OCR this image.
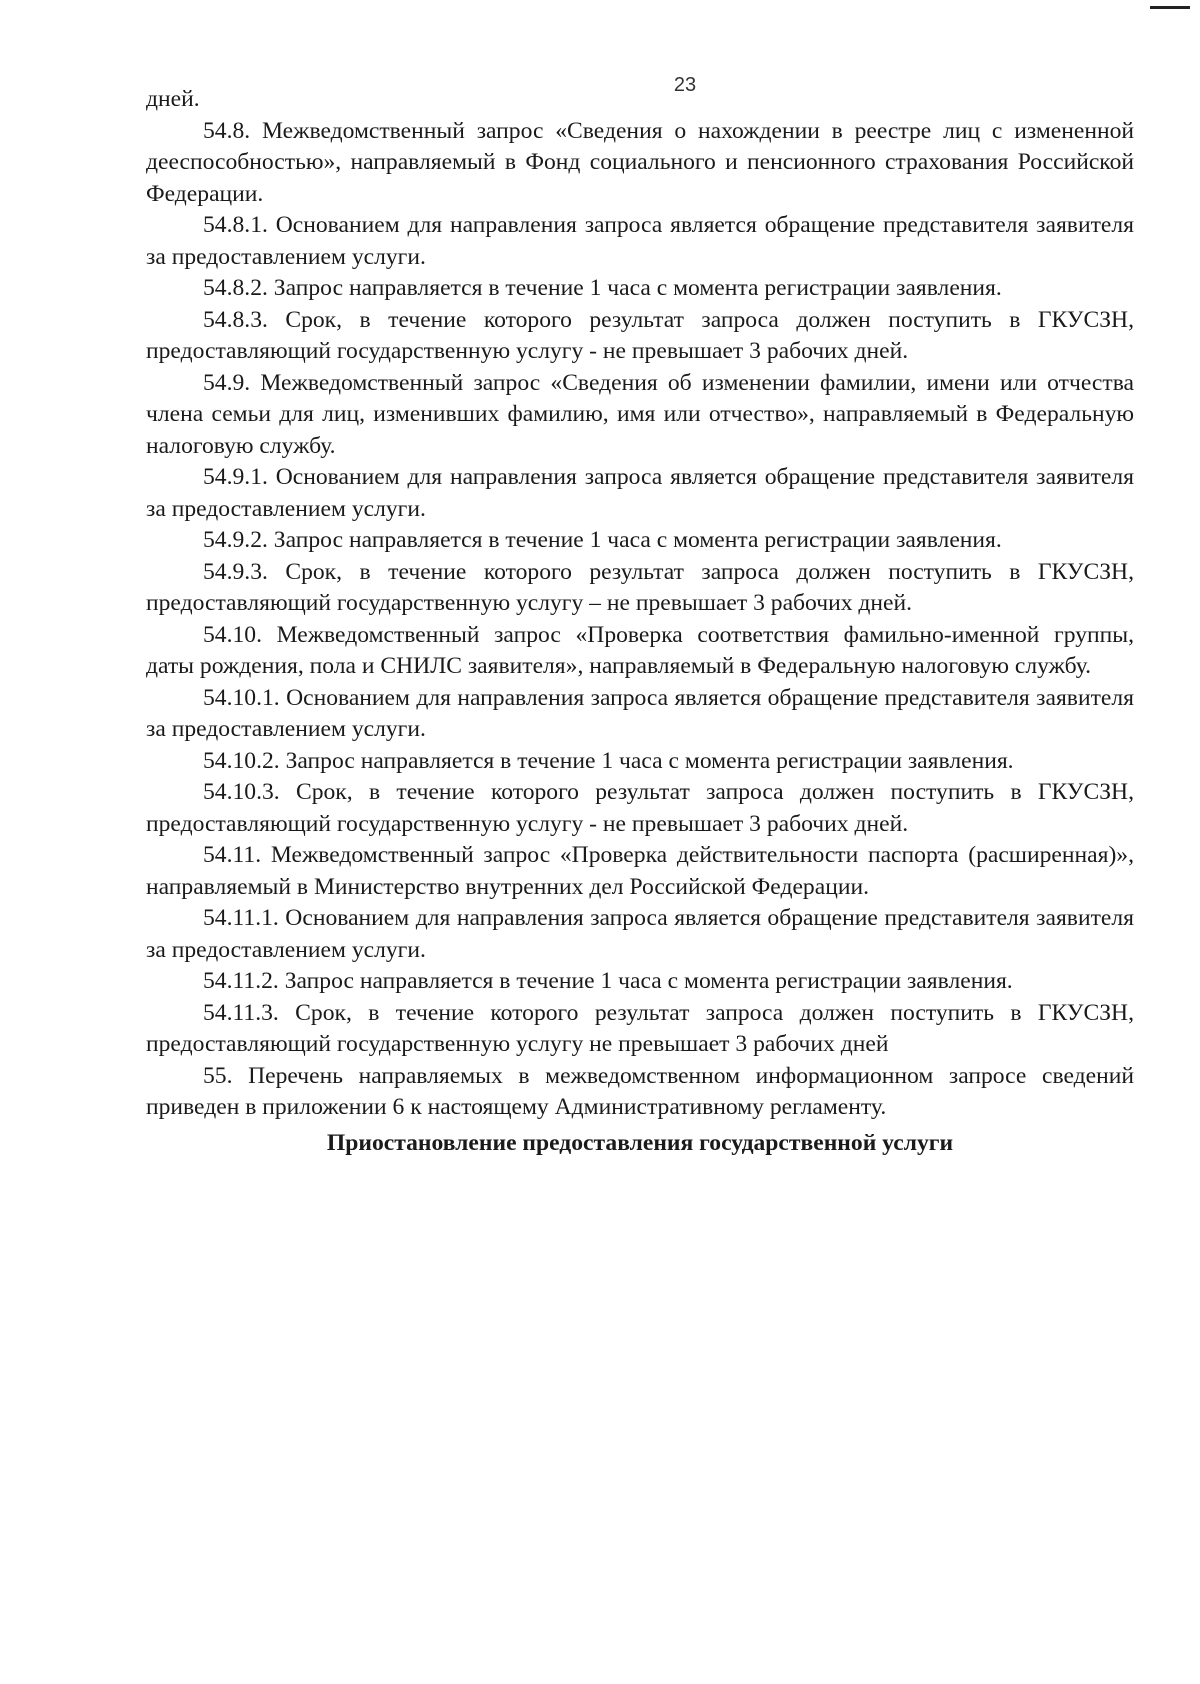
23

дней.

54.8. Межведомственный запрос «Сведения о нахождении в реестре лиц с измененной дееспособностью», направляемый в Фонд социального и пенсионного страхования Российской Федерации.

54.8.1. Основанием для направления запроса является обращение представителя заявителя за предоставлением услуги.

54.8.2. Запрос направляется в течение 1 часа с момента регистрации заявления.

54.8.3. Срок, в течение которого результат запроса должен поступить в ГКУСЗН, предоставляющий государственную услугу - не превышает 3 рабочих дней.

54.9. Межведомственный запрос «Сведения об изменении фамилии, имени или отчества члена семьи для лиц, изменивших фамилию, имя или отчество», направляемый в Федеральную налоговую службу.

54.9.1. Основанием для направления запроса является обращение представителя заявителя за предоставлением услуги.

54.9.2. Запрос направляется в течение 1 часа с момента регистрации заявления.

54.9.3. Срок, в течение которого результат запроса должен поступить в ГКУСЗН, предоставляющий государственную услугу – не превышает 3 рабочих дней.

54.10. Межведомственный запрос «Проверка соответствия фамильно-именной группы, даты рождения, пола и СНИЛС заявителя», направляемый в Федеральную налоговую службу.

54.10.1. Основанием для направления запроса является обращение представителя заявителя за предоставлением услуги.

54.10.2. Запрос направляется в течение 1 часа с момента регистрации заявления.

54.10.3. Срок, в течение которого результат запроса должен поступить в ГКУСЗН, предоставляющий государственную услугу - не превышает 3 рабочих дней.

54.11. Межведомственный запрос «Проверка действительности паспорта (расширенная)», направляемый в Министерство внутренних дел Российской Федерации.

54.11.1. Основанием для направления запроса является обращение представителя заявителя за предоставлением услуги.

54.11.2. Запрос направляется в течение 1 часа с момента регистрации заявления.

54.11.3. Срок, в течение которого результат запроса должен поступить в ГКУСЗН, предоставляющий государственную услугу не превышает 3 рабочих дней

55. Перечень направляемых в межведомственном информационном запросе сведений приведен в приложении 6 к настоящему Административному регламенту.

Приостановление предоставления государственной услуги
